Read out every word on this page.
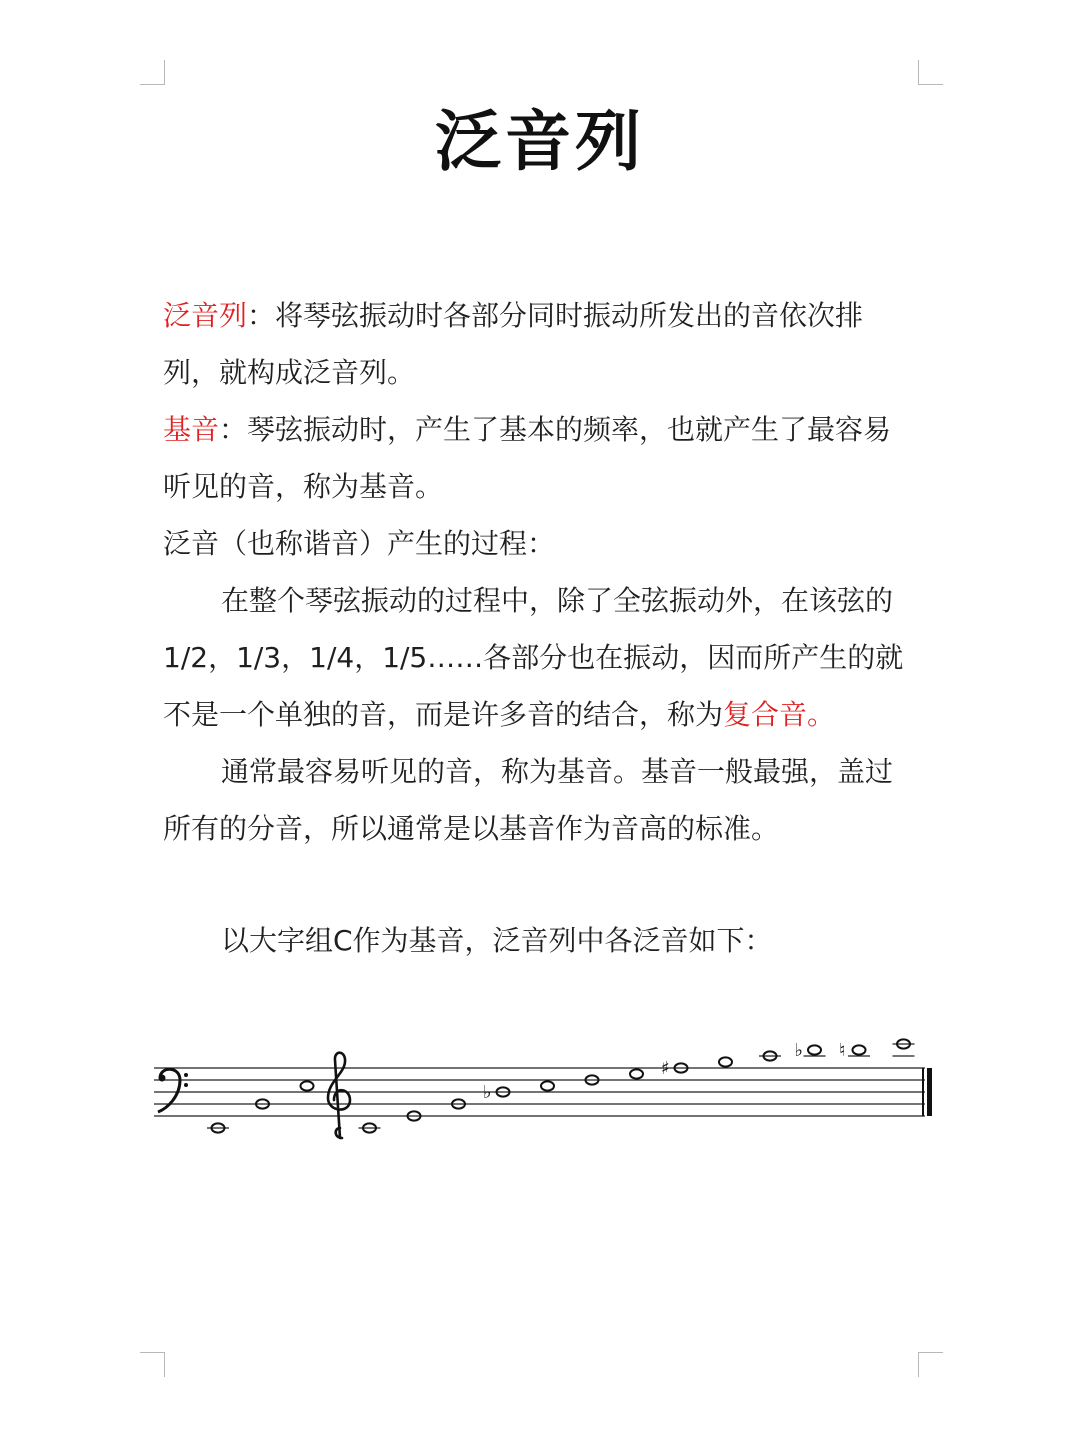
泛音列

泛音列：将琴弦振动时各部分同时振动所发出的音依次排列，就构成泛音列。

基音：琴弦振动时，产生了基本的频率，也就产生了最容易听见的音，称为基音。

泛音（也称谐音）产生的过程：

在整个琴弦振动的过程中，除了全弦振动外，在该弦的1/2，1/3，1/4，1/5……各部分也在振动，因而所产生的就不是一个单独的音，而是许多音的结合，称为复合音。

通常最容易听见的音，称为基音。基音一般最强，盖过所有的分音，所以通常是以基音作为音高的标准。

以大字组C作为基音，泛音列中各泛音如下：

♭
♯
♭ ♮
